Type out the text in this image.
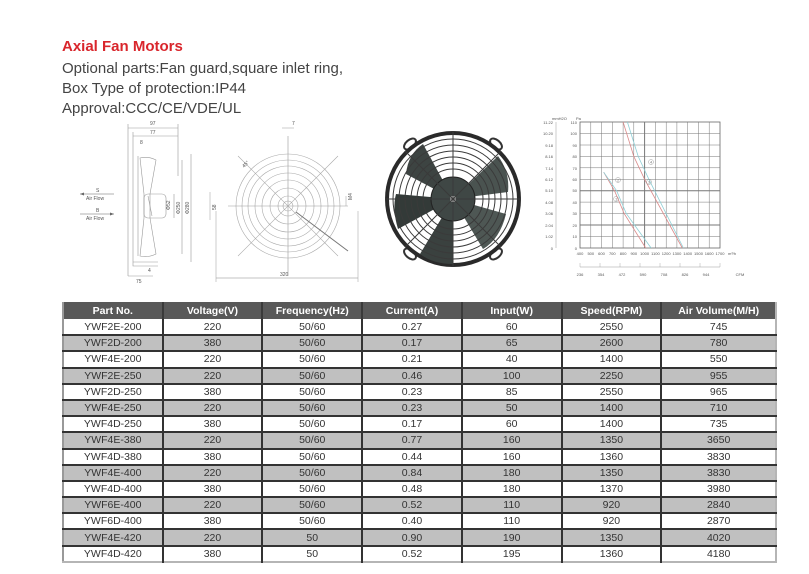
Axial Fan Motors
Optional parts:Fan guard,square inlet ring,
Box Type of protection:IP44
Approval:CCC/CE/VDE/UL
97
77
8
Φ52 Φ250 Φ280
4
75
S
Air Flow
B
Air Flow
7
45°
M4
58
320
mmH2O Pa
11.22
10.20
9.18
8.16
7.14
6.12
5.10
4.08
3.06
2.04
1.02
0
110
100
90
80
70
60
50
40
30
20
10
0
1
2	3
4
400 500 600 700 800 900 1000 1100 1200 1300 1400 1500 1600 1700 m³/h
236	354	472	590	708	826	944	CFM
Part No.	Voltage(V)	Frequency(Hz)	Current(A)	Input(W)	Speed(RPM)	Air Volume(M/H)
YWF2E-200	220	50/60	0.27	60	2550	745
YWF2D-200	380	50/60	0.17	65	2600	780
YWF4E-200	220	50/60	0.21	40	1400	550
YWF2E-250	220	50/60	0.46	100	2250	955
YWF2D-250	380	50/60	0.23	85	2550	965
YWF4E-250	220	50/60	0.23	50	1400	710
YWF4D-250	380	50/60	0.17	60	1400	735
YWF4E-380	220	50/60	0.77	160	1350	3650
YWF4D-380	380	50/60	0.44	160	1360	3830
YWF4E-400	220	50/60	0.84	180	1350	3830
YWF4D-400	380	50/60	0.48	180	1370	3980
YWF6E-400	220	50/60	0.52	110	920	2840
YWF6D-400	380	50/60	0.40	110	920	2870
YWF4E-420	220	50	0.90	190	1350	4020
YWF4D-420	380	50	0.52	195	1360	4180
